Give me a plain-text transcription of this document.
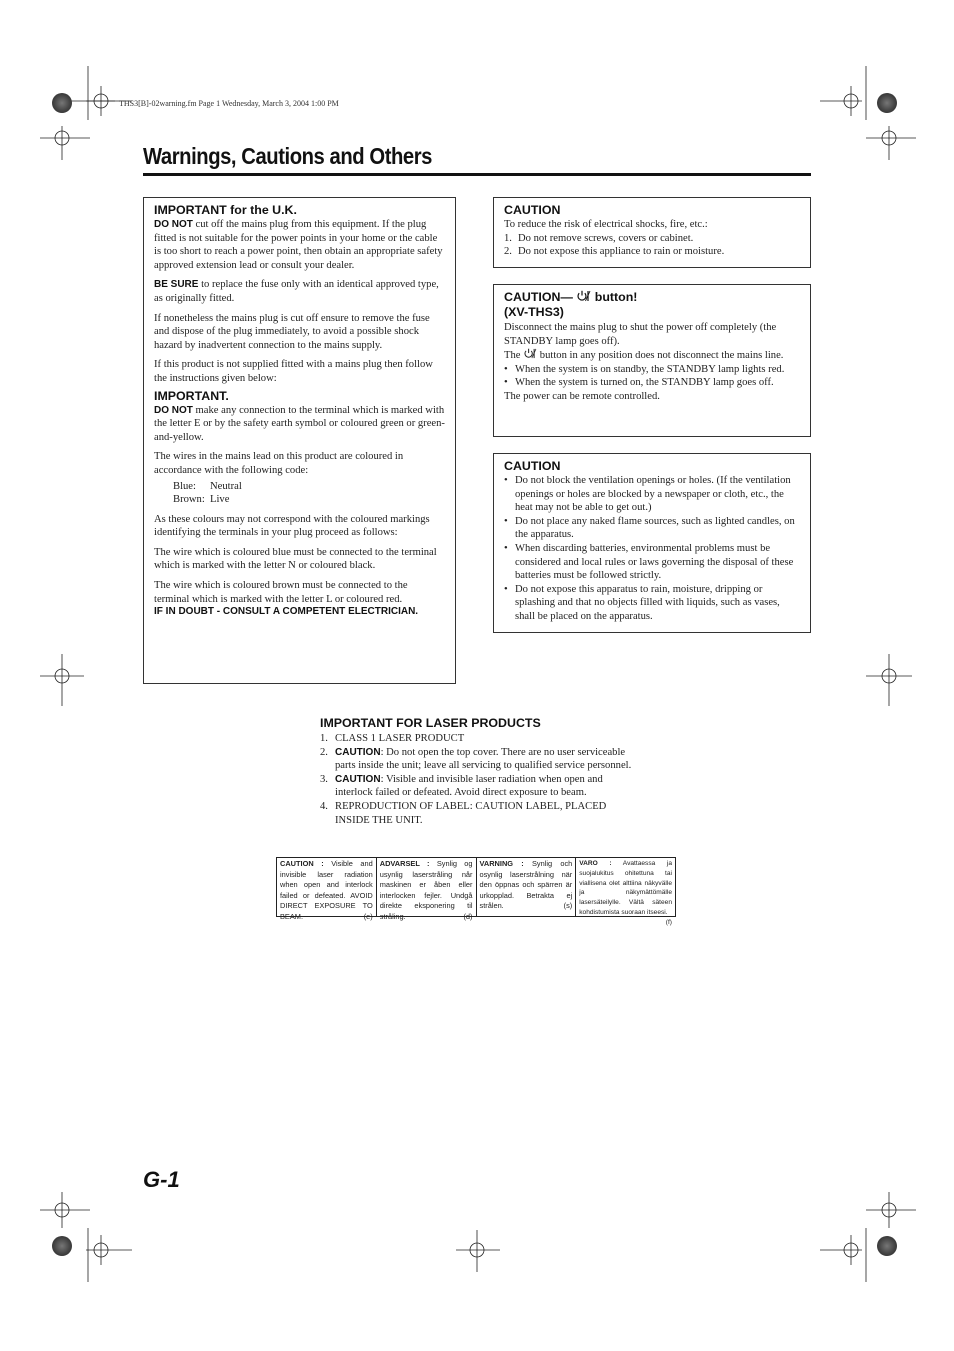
THS3[B]-02warning.fm Page 1 Wednesday, March 3, 2004 1:00 PM
Warnings, Cautions and Others
IMPORTANT for the U.K.

DO NOT cut off the mains plug from this equipment. If the plug fitted is not suitable for the power points in your home or the cable is too short to reach a power point, then obtain an appropriate safety approved extension lead or consult your dealer.

BE SURE to replace the fuse only with an identical approved type, as originally fitted.

If nonetheless the mains plug is cut off ensure to remove the fuse and dispose of the plug immediately, to avoid a possible shock hazard by inadvertent connection to the mains supply.

If this product is not supplied fitted with a mains plug then follow the instructions given below:

IMPORTANT.

DO NOT make any connection to the terminal which is marked with the letter E or by the safety earth symbol or coloured green or green-and-yellow.

The wires in the mains lead on this product are coloured in accordance with the following code:

Blue:	Neutral
Brown: Live

As these colours may not correspond with the coloured markings identifying the terminals in your plug proceed as follows:

The wire which is coloured blue must be connected to the terminal which is marked with the letter N or coloured black.

The wire which is coloured brown must be connected to the terminal which is marked with the letter L or coloured red.

IF IN DOUBT - CONSULT A COMPETENT ELECTRICIAN.
CAUTION
To reduce the risk of electrical shocks, fire, etc.:
1. Do not remove screws, covers or cabinet.
2. Do not expose this appliance to rain or moisture.
CAUTION— button!
(XV-THS3)
Disconnect the mains plug to shut the power off completely (the STANDBY lamp goes off).
The button in any position does not disconnect the mains line.
• When the system is on standby, the STANDBY lamp lights red.
• When the system is turned on, the STANDBY lamp goes off.
The power can be remote controlled.
CAUTION
• Do not block the ventilation openings or holes. (If the ventilation openings or holes are blocked by a newspaper or cloth, etc., the heat may not be able to get out.)
• Do not place any naked flame sources, such as lighted candles, on the apparatus.
• When discarding batteries, environmental problems must be considered and local rules or laws governing the disposal of these batteries must be followed strictly.
• Do not expose this apparatus to rain, moisture, dripping or splashing and that no objects filled with liquids, such as vases, shall be placed on the apparatus.
IMPORTANT FOR LASER PRODUCTS
1. CLASS 1 LASER PRODUCT
2. CAUTION: Do not open the top cover. There are no user serviceable parts inside the unit; leave all servicing to qualified service personnel.
3. CAUTION: Visible and invisible laser radiation when open and interlock failed or defeated. Avoid direct exposure to beam.
4. REPRODUCTION OF LABEL: CAUTION LABEL, PLACED INSIDE THE UNIT.
CAUTION : Visible and invisible laser radiation when open and interlock failed or defeated. AVOID DIRECT EXPOSURE TO BEAM.	(e)
ADVARSEL : Synlig og usynlig laserstråling når maskinen er åben eller interlocken fejler. Undgå direkte eksponering til stråling.	(d)
VARNING : Synlig och osynlig laserstrålning när den öppnas och spärren är urkopplad. Betrakta ej strålen.	(s)
VARO : Avattaessa ja suojalukitus ohitettuna tai viallisena olet alttiina näkyvälle ja näkymättömälle lasersäteilylle. Vältä säteen kohdistumista suoraan itseesi.
(f)
G-1
